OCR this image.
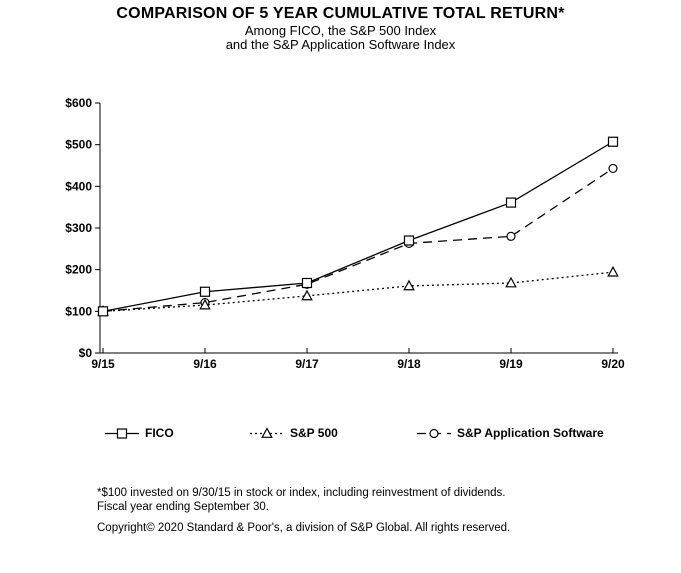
COMPARISON OF 5 YEAR CUMULATIVE TOTAL RETURN*
Among FICO, the S&P 500 Index
and the S&P Application Software Index
$0
$100
$200
$300
$400
$500
$600
9/15	9/16	9/17	9/18	9/19	9/20
FICO	S&P 500	S&P Application Software
*$100 invested on 9/30/15 in stock or index, including reinvestment of dividends.
Fiscal year ending September 30.
Copyright© 2020 Standard & Poor's, a division of S&P Global. All rights reserved.
